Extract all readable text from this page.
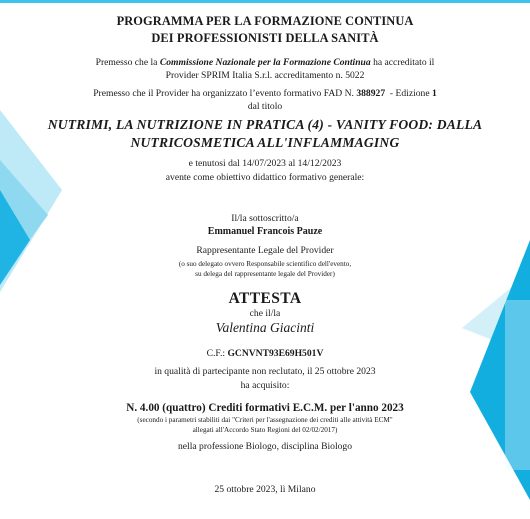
PROGRAMMA PER LA FORMAZIONE CONTINUA
DEI PROFESSIONISTI DELLA SANITÀ
Premesso che la Commissione Nazionale per la Formazione Continua ha accreditato il
Provider SPRIM Italia S.r.l. accreditamento n. 5022
Premesso che il Provider ha organizzato l’evento formativo FAD N. 388927  - Edizione 1
dal titolo
NUTRIMI, LA NUTRIZIONE IN PRATICA (4) - VANITY FOOD: DALLA
NUTRICOSMETICA ALL'INFLAMMAGING
e tenutosi dal 14/07/2023 al 14/12/2023
avente come obiettivo didattico formativo generale:
Il/la sottoscritto/a
Emmanuel Francois Pauze
Rappresentante Legale del Provider
(o suo delegato ovvero Responsabile scientifico dell'evento,
su delega del rappresentante legale del Provider)
ATTESTA
che il/la
Valentina Giacinti
C.F.: GCNVNT93E69H501V
in qualità di partecipante non reclutato, il 25 ottobre 2023
ha acquisito:
N. 4.00 (quattro) Crediti formativi E.C.M. per l'anno 2023
(secondo i parametri stabiliti dai "Criteri per l'assegnazione dei crediti alle attività ECM"
allegati all'Accordo Stato Regioni del 02/02/2017)
nella professione Biologo, disciplina Biologo
25 ottobre 2023, lì Milano
